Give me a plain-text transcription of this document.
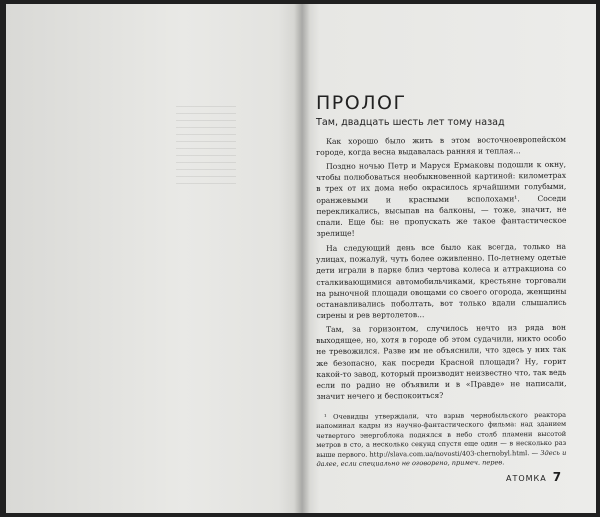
ПРОЛОГ
Там, двадцать шесть лет тому назад

Как хорошо было жить в этом восточноевропейском городе, когда весна выдавалась ранняя и теплая...

Поздно ночью Петр и Маруся Ермаковы подошли к окну, чтобы полюбоваться необыкновенной картиной: километрах в трех от их дома небо окрасилось ярчайшими голубыми, оранжевыми и красными всполохами¹. Соседи перекликались, высыпав на балконы, — тоже, значит, не спали. Еще бы: не пропускать же такое фантастическое зрелище!

На следующий день все было как всегда, только на улицах, пожалуй, чуть более оживленно. По-летнему одетые дети играли в парке близ чертова колеса и аттракциона со сталкивающимися автомобильчиками, крестьяне торговали на рыночной площади овощами со своего огорода, женщины останавливались поболтать, вот только вдали слышались сирены и рев вертолетов...

Там, за горизонтом, случилось нечто из ряда вон выходящее, но, хотя в городе об этом судачили, никто особо не тревожился. Разве им не объяснили, что здесь у них так же безопасно, как посреди Красной площади? Ну, горит какой-то завод, который производит неизвестно что, так ведь если по радио не объявили и в «Правде» не написали, значит нечего и беспокоиться?

¹ Очевидцы утверждали, что взрыв чернобыльского реактора напоминал кадры из научно-фантастического фильма: над зданием четвертого энергоблока поднялся в небо столб пламени высотой метров в сто, а несколько секунд спустя еще один — в несколько раз выше первого. http://slavа.com.ua/novosti/403-chernobyl.html. — Здесь и далее, если специально не оговорено, примеч. перев.
АТОМКА 7
